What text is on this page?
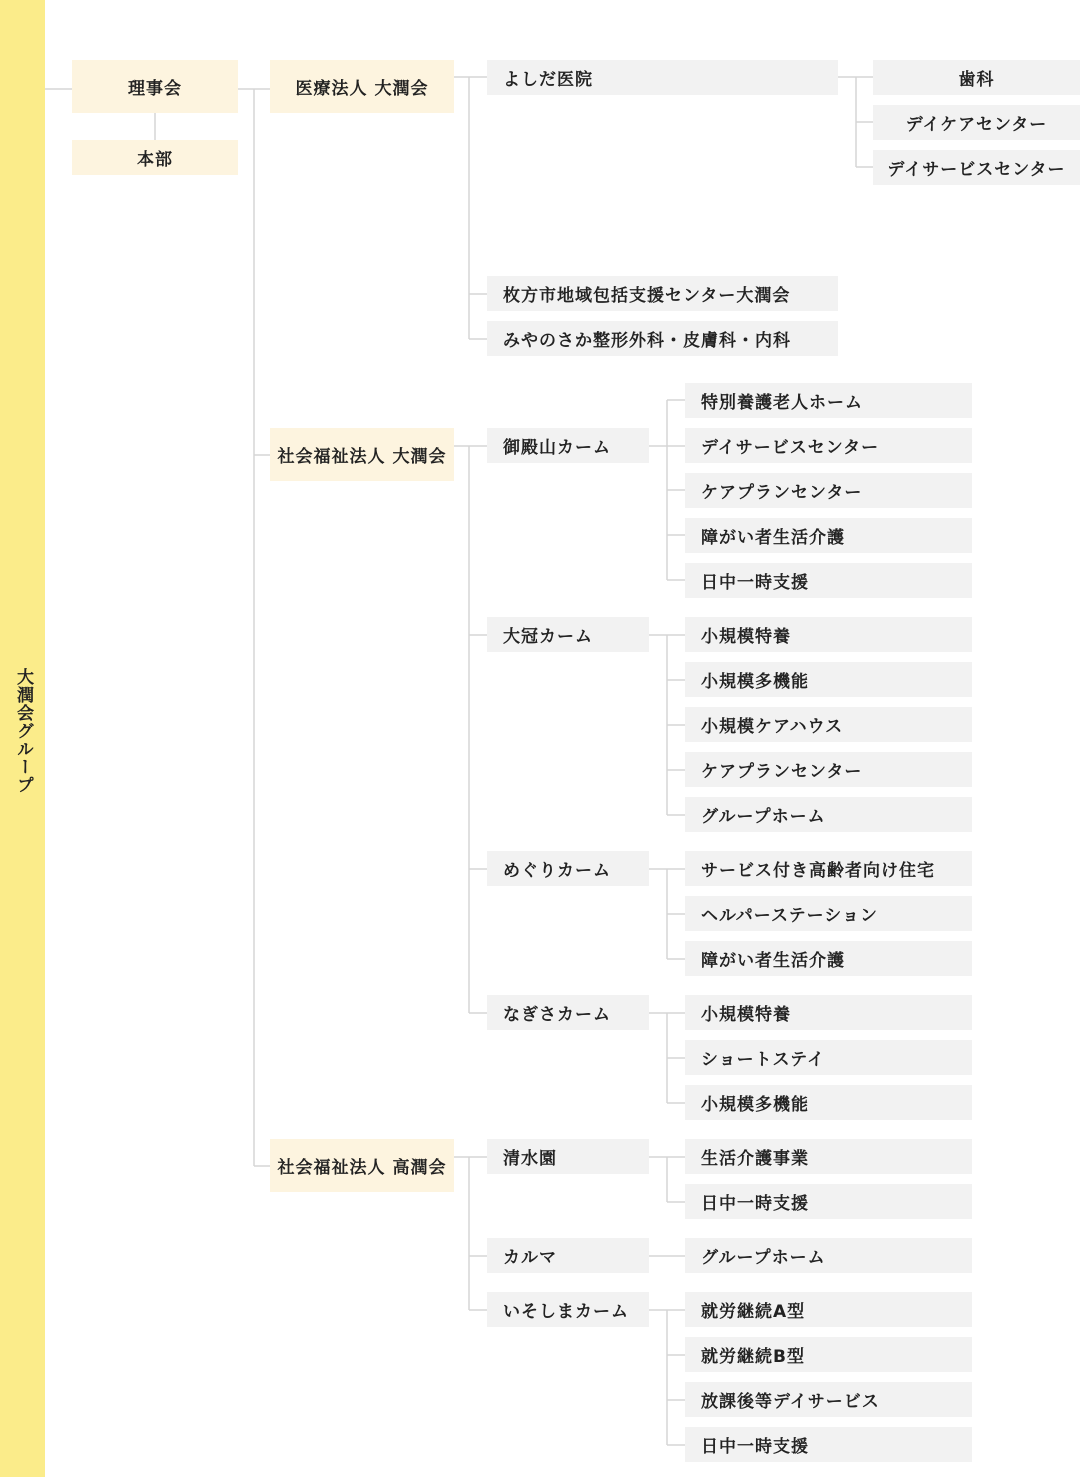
大潤会グループ
理事会
本部
医療法人 大潤会
社会福祉法人 大潤会
社会福祉法人 高潤会
よしだ医院
枚方市地域包括支援センター大潤会
みやのさか整形外科・皮膚科・内科
歯科
デイケアセンター
デイサービスセンター
御殿山カーム
大冠カーム
めぐりカーム
なぎさカーム
特別養護老人ホーム
デイサービスセンター
ケアプランセンター
障がい者生活介護
日中一時支援
小規模特養
小規模多機能
小規模ケアハウス
ケアプランセンター
グループホーム
サービス付き高齢者向け住宅
ヘルパーステーション
障がい者生活介護
小規模特養
ショートステイ
小規模多機能
清水園
カルマ
いそしまカーム
生活介護事業
日中一時支援
グループホーム
就労継続A型
就労継続B型
放課後等デイサービス
日中一時支援
